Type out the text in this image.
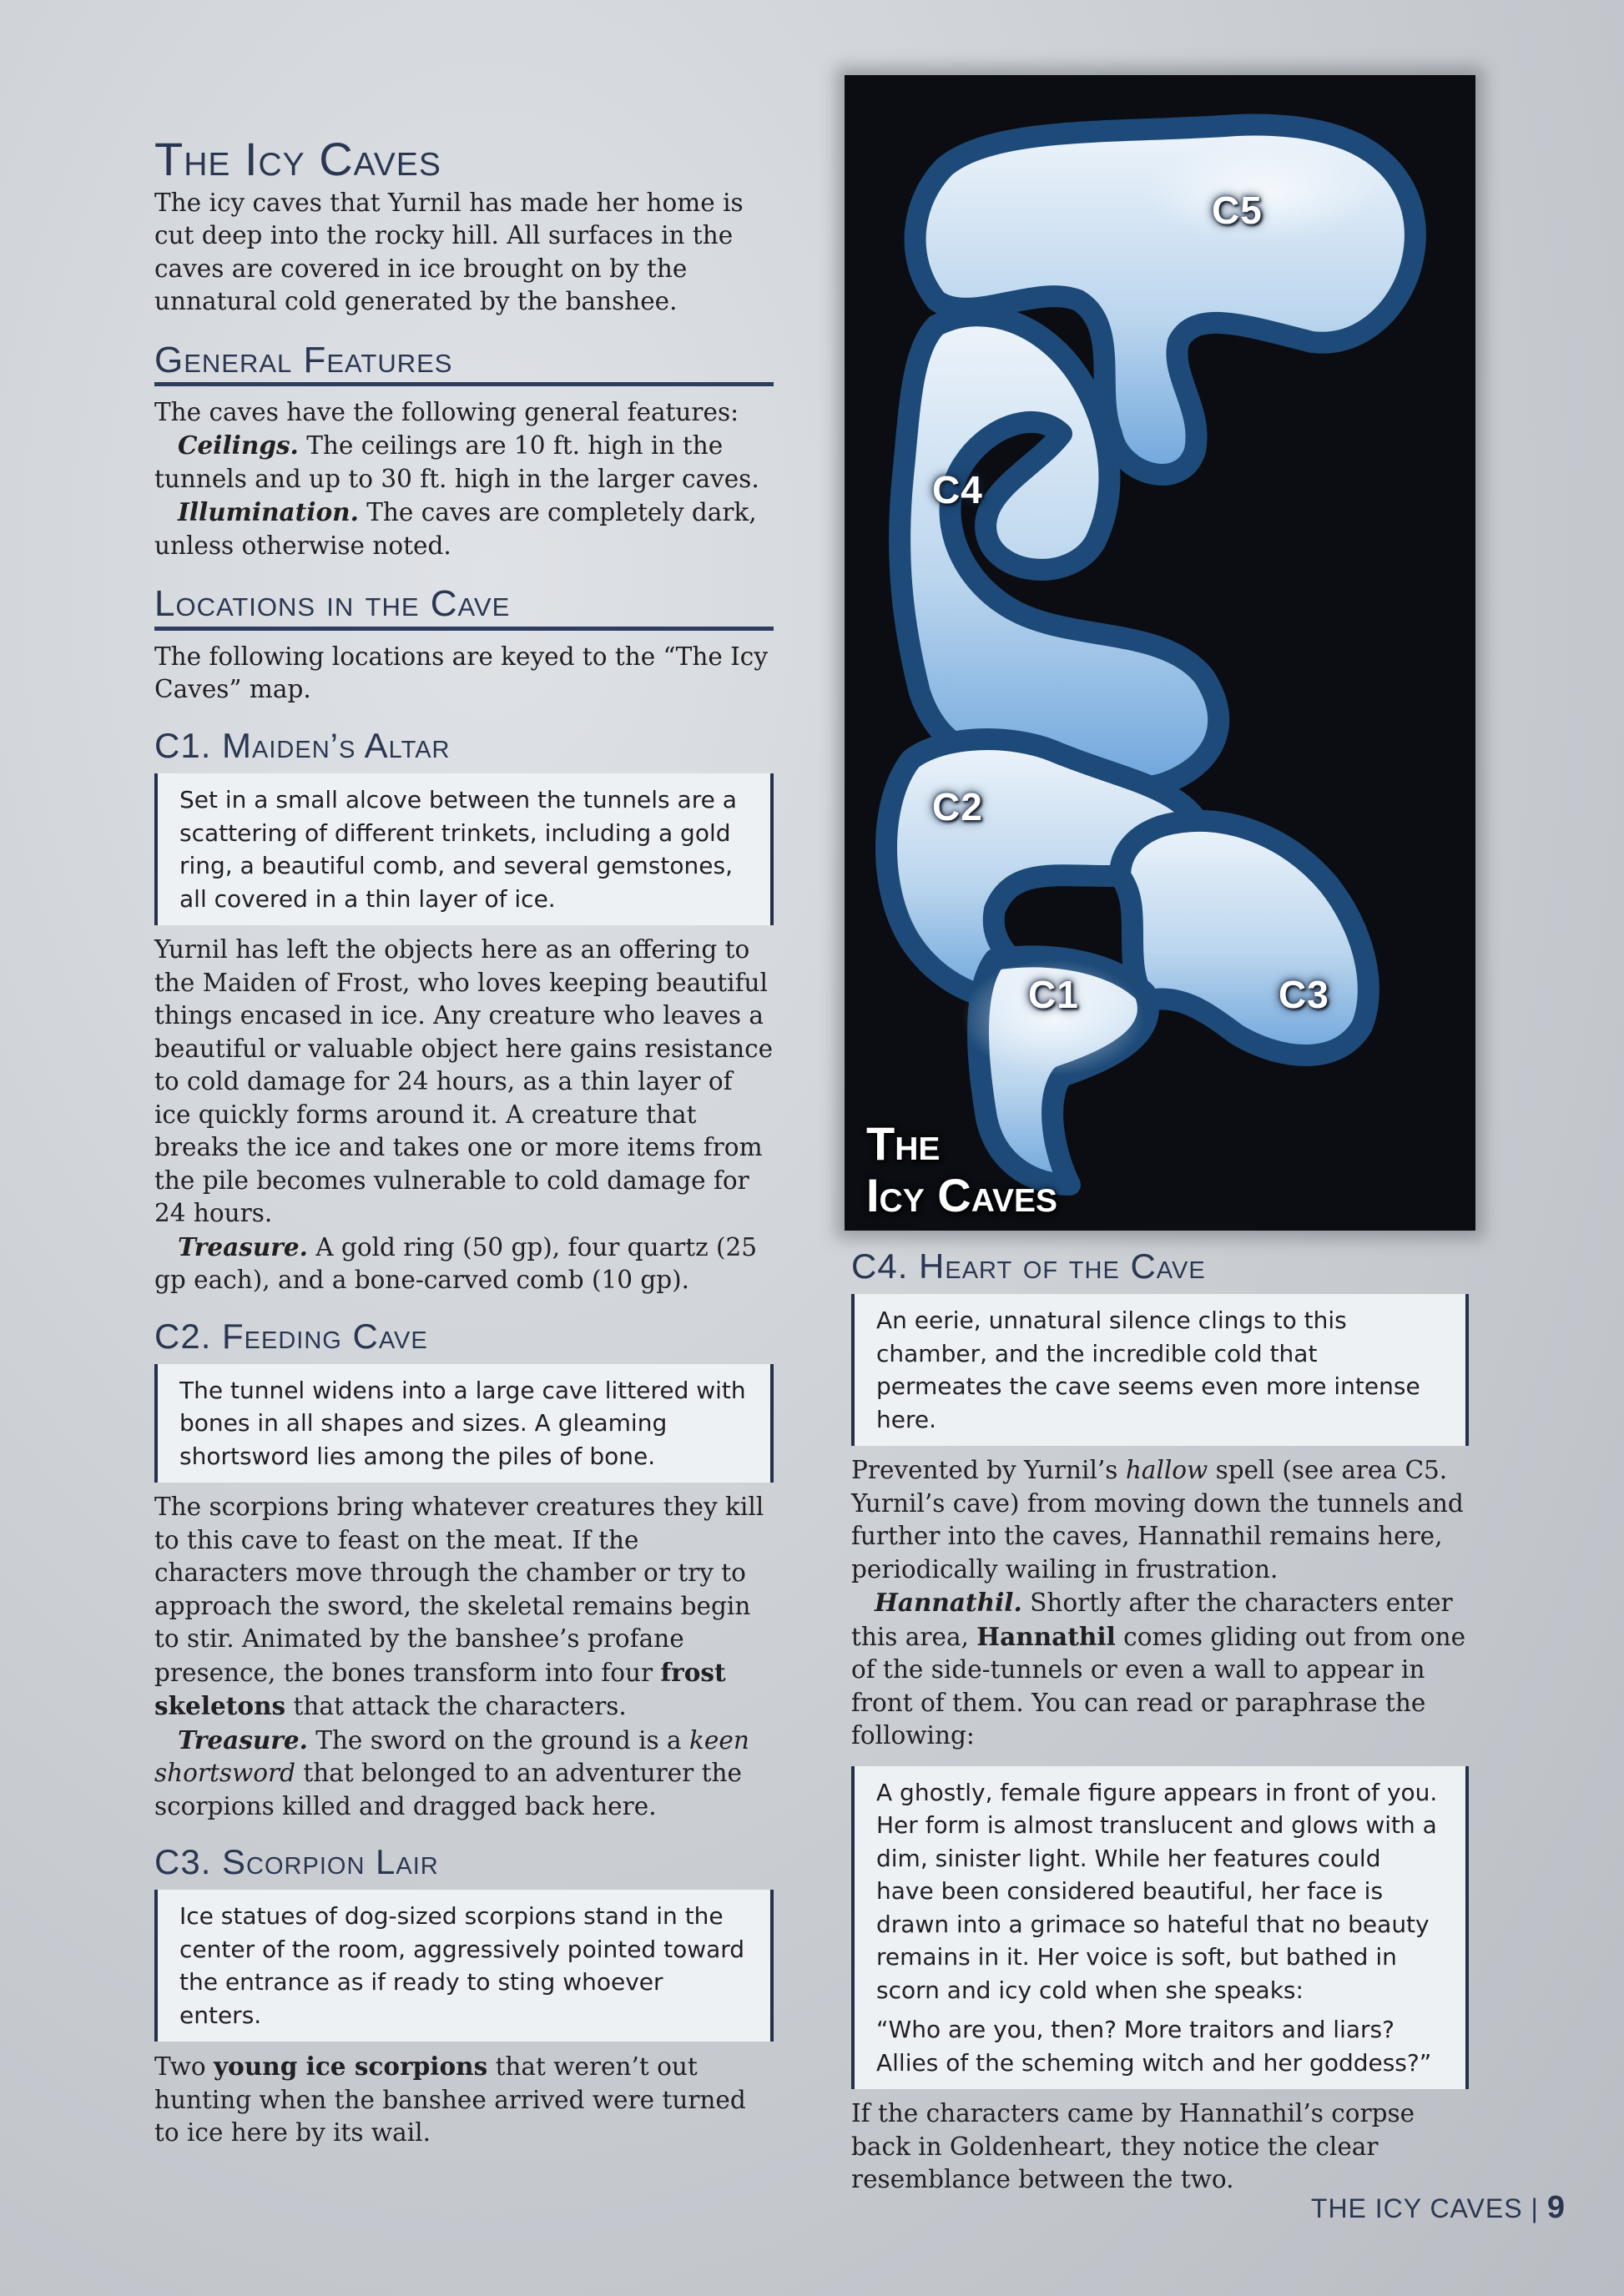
The Icy Caves

The icy caves that Yurnil has made her home is cut deep into the rocky hill. All surfaces in the caves are covered in ice brought on by the unnatural cold generated by the banshee.

General Features

The caves have the following general features:

Ceilings. The ceilings are 10 ft. high in the tunnels and up to 30 ft. high in the larger caves.

Illumination. The caves are completely dark, unless otherwise noted.

Locations in the Cave

The following locations are keyed to the “The Icy Caves” map.

C1. Maiden’s Altar

Set in a small alcove between the tunnels are a scattering of different trinkets, including a gold ring, a beautiful comb, and several gemstones, all covered in a thin layer of ice.

Yurnil has left the objects here as an offering to the Maiden of Frost, who loves keeping beautiful things encased in ice. Any creature who leaves a beautiful or valuable object here gains resistance to cold damage for 24 hours, as a thin layer of ice quickly forms around it. A creature that breaks the ice and takes one or more items from the pile becomes vulnerable to cold damage for 24 hours.

Treasure. A gold ring (50 gp), four quartz (25 gp each), and a bone-carved comb (10 gp).

C2. Feeding Cave

The tunnel widens into a large cave littered with bones in all shapes and sizes. A gleaming shortsword lies among the piles of bone.

The scorpions bring whatever creatures they kill to this cave to feast on the meat. If the characters move through the chamber or try to approach the sword, the skeletal remains begin to stir. Animated by the banshee’s profane presence, the bones transform into four frost skeletons that attack the characters.

Treasure. The sword on the ground is a keen shortsword that belonged to an adventurer the scorpions killed and dragged back here.

C3. Scorpion Lair

Ice statues of dog-sized scorpions stand in the center of the room, aggressively pointed toward the entrance as if ready to sting whoever enters.

Two young ice scorpions that weren’t out hunting when the banshee arrived were turned to ice here by its wail.

C5
C4
C2
C1	C3
The
Icy Caves
C4. Heart of the Cave

An eerie, unnatural silence clings to this chamber, and the incredible cold that permeates the cave seems even more intense here.

Prevented by Yurnil’s hallow spell (see area C5. Yurnil’s cave) from moving down the tunnels and further into the caves, Hannathil remains here, periodically wailing in frustration.

Hannathil. Shortly after the characters enter this area, Hannathil comes gliding out from one of the side-tunnels or even a wall to appear in front of them. You can read or paraphrase the following:

A ghostly, female figure appears in front of you. Her form is almost translucent and glows with a dim, sinister light. While her features could have been considered beautiful, her face is drawn into a grimace so hateful that no beauty remains in it. Her voice is soft, but bathed in scorn and icy cold when she speaks:

“Who are you, then? More traitors and liars? Allies of the scheming witch and her goddess?”

If the characters came by Hannathil’s corpse back in Goldenheart, they notice the clear resemblance between the two.

THE ICY CAVES | 9
